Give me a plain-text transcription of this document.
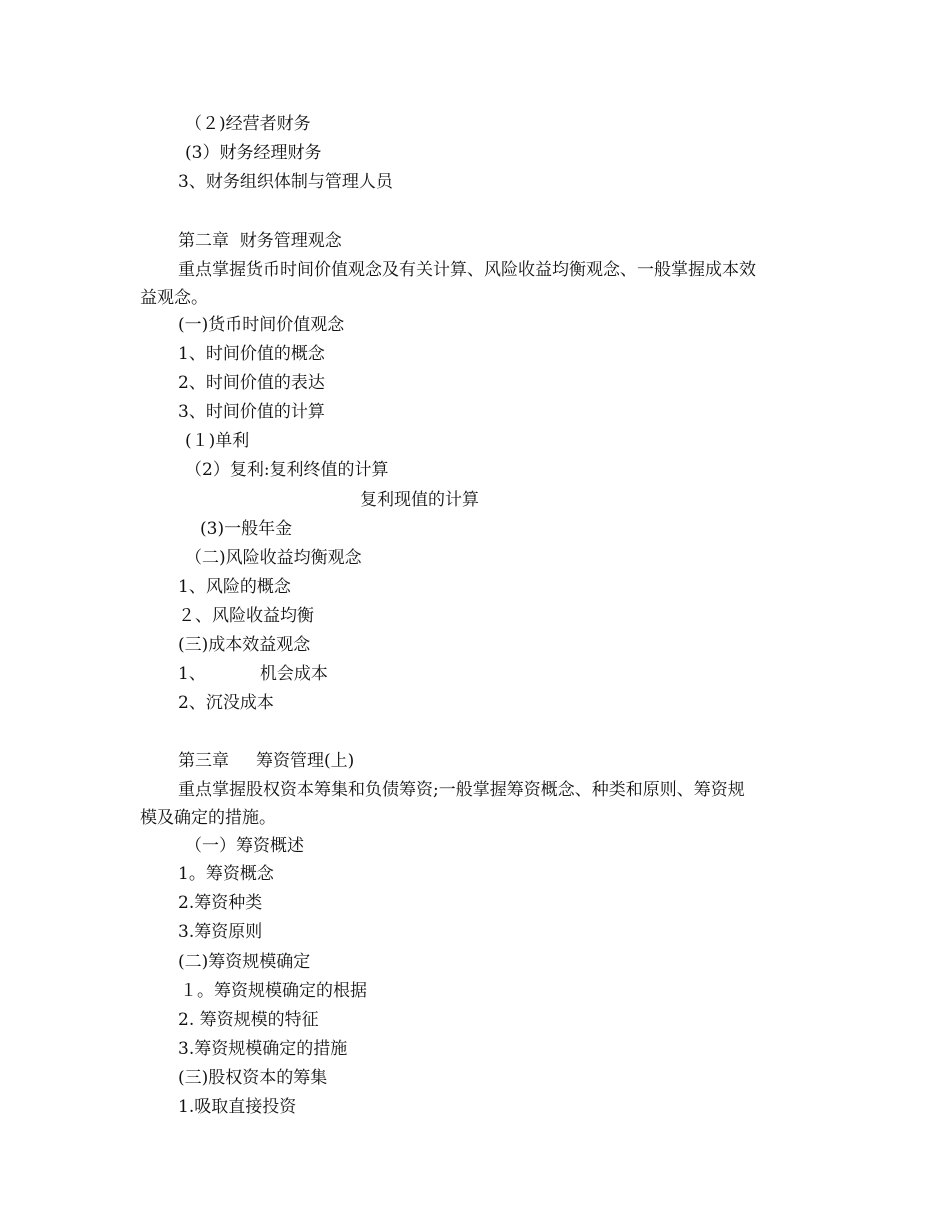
（２)经营者财务

(3）财务经理财务

3、财务组织体制与管理人员

第二章  财务管理观念

重点掌握货币时间价值观念及有关计算、风险收益均衡观念、一般掌握成本效

益观念。

(一)货币时间价值观念

1、时间价值的概念

2、时间价值的表达

3、时间价值的计算

(１)单利

（2）复利:复利终值的计算

复利现值的计算

(3)一般年金

（二)风险收益均衡观念

1、风险的概念

２、风险收益均衡

(三)成本效益观念

1、          机会成本

2、沉没成本

第三章     筹资管理(上)

重点掌握股权资本筹集和负债筹资;一般掌握筹资概念、种类和原则、筹资规

模及确定的措施。

（一）筹资概述

1。筹资概念

2.筹资种类

3.筹资原则

(二)筹资规模确定

１。筹资规模确定的根据

2. 筹资规模的特征

3.筹资规模确定的措施

(三)股权资本的筹集

1.吸取直接投资
